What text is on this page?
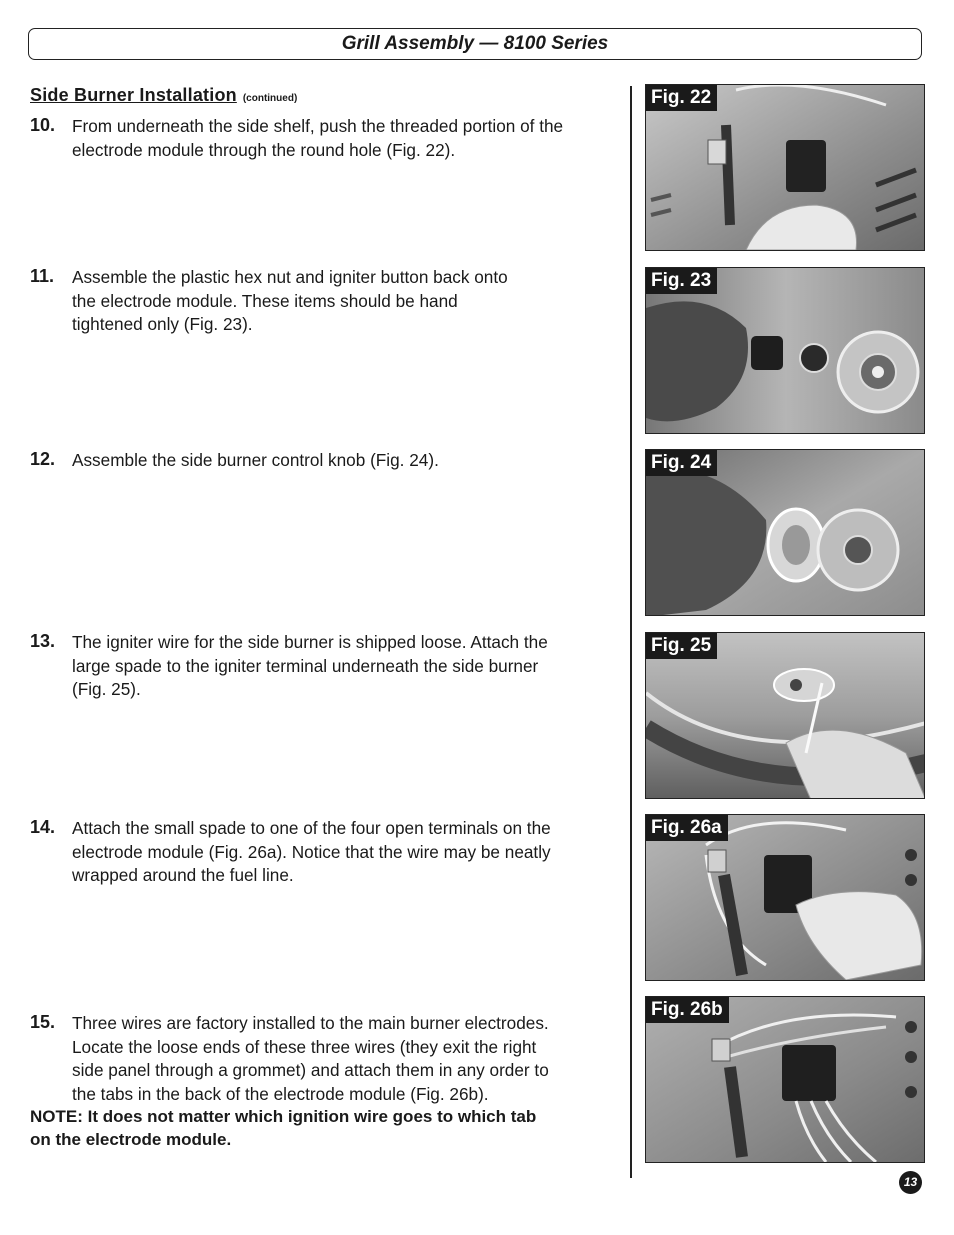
Grill Assembly — 8100 Series
Side Burner Installation (continued)
10. From underneath the side shelf, push the threaded portion of the
electrode module through the round hole (Fig. 22).
11. Assemble the plastic hex nut and igniter button back onto
the electrode module. These items should be hand
tightened only (Fig. 23).
12. Assemble the side burner control knob (Fig. 24).
13. The igniter wire for the side burner is shipped loose. Attach the
large spade to the igniter terminal underneath the side burner
(Fig. 25).
14. Attach the small spade to one of the four open terminals on the
electrode module (Fig. 26a). Notice that the wire may be neatly
wrapped around the fuel line.
15. Three wires are factory installed to the main burner electrodes.
Locate the loose ends of these three wires (they exit the right
side panel through a grommet) and attach them in any order to
the tabs in the back of the electrode module (Fig. 26b).
NOTE: It does not matter which ignition wire goes to which tab
on the electrode module.
Fig. 22
Fig. 23
Fig. 24
Fig. 25
Fig. 26a
Fig. 26b
13
